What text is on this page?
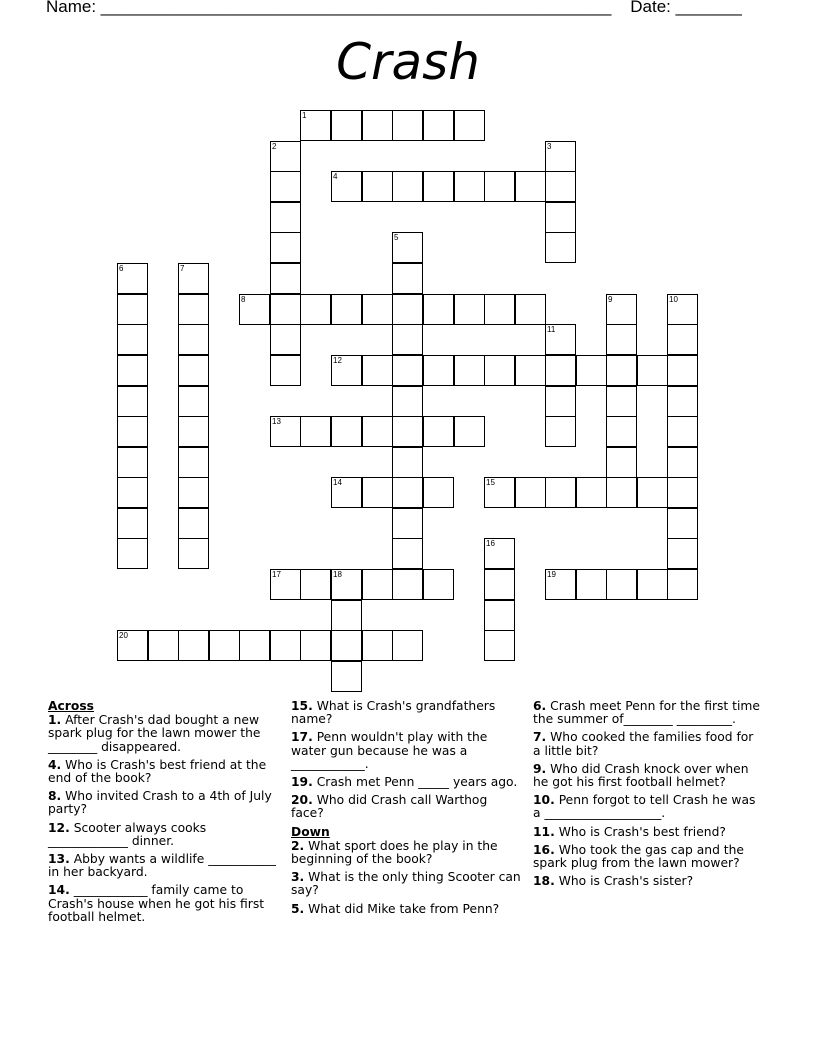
Name: ______________________________________________________    Date: _______
Crash
1
2	3
4
5
6	7
8	9	10
11
12
13
14	15
16
17	18	19
20
Across
1. After Crash's dad bought a new spark plug for the lawn mower the ________ disappeared.
4. Who is Crash's best friend at the end of the book?
8. Who invited Crash to a 4th of July party?
12. Scooter always cooks _____________ dinner.
13. Abby wants a wildlife ___________ in her backyard.
14. ____________ family came to Crash's house when he got his first football helmet.
15. What is Crash's grandfathers name?
17. Penn wouldn't play with the water gun because he was a ____________.
19. Crash met Penn _____ years ago.
20. Who did Crash call Warthog face?
Down
2. What sport does he play in the beginning of the book?
3. What is the only thing Scooter can say?
5. What did Mike take from Penn?
6. Crash meet Penn for the first time the summer of________ _________.
7. Who cooked the families food for a little bit?
9. Who did Crash knock over when he got his first football helmet?
10. Penn forgot to tell Crash he was a ___________________.
11. Who is Crash's best friend?
16. Who took the gas cap and the spark plug from the lawn mower?
18. Who is Crash's sister?
